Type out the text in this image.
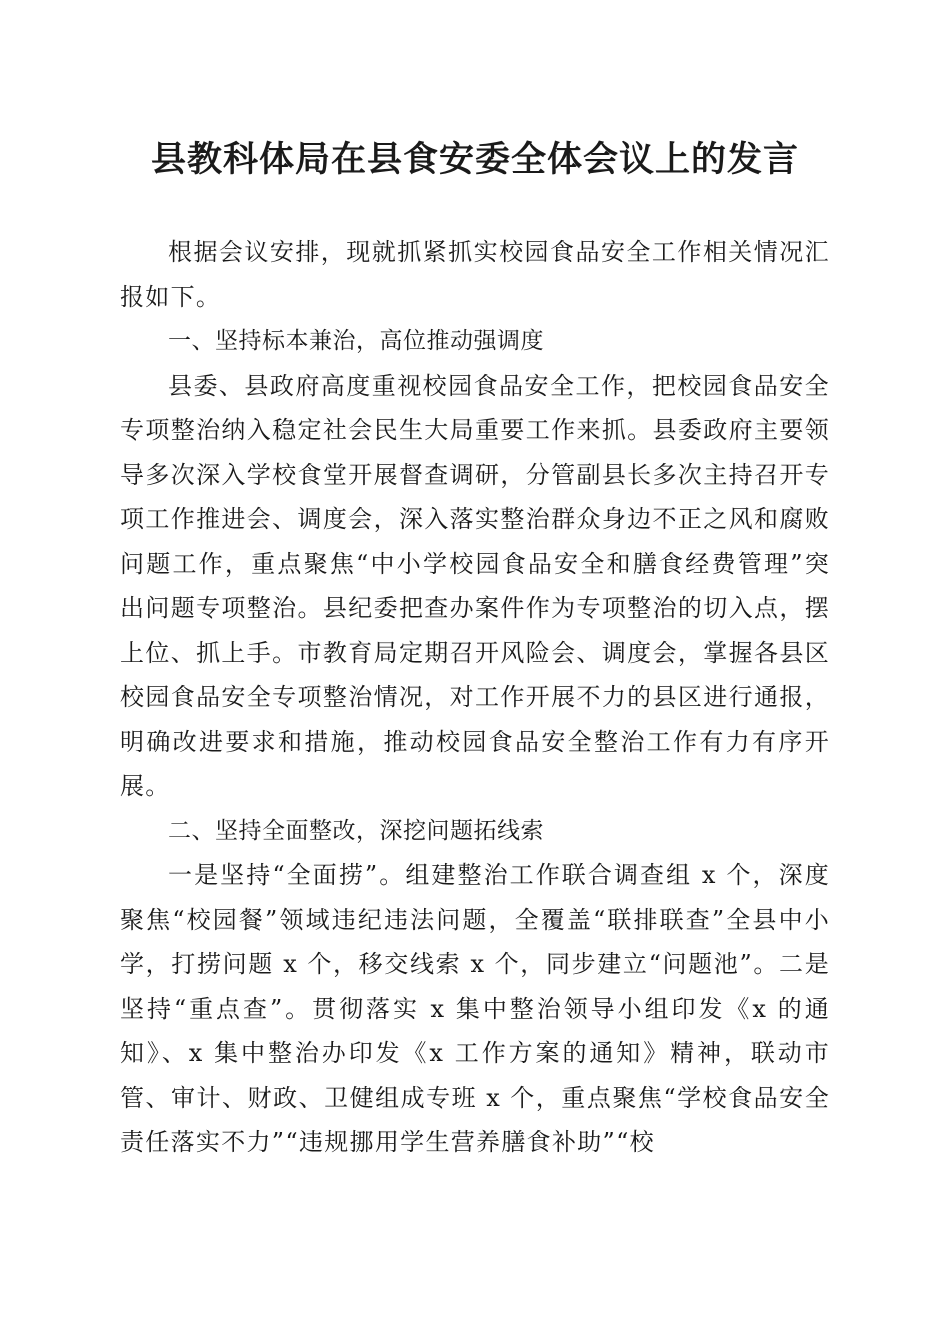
县教科体局在县食安委全体会议上的发言

根据会议安排，现就抓紧抓实校园食品安全工作相关情况汇报如下。

一、坚持标本兼治，高位推动强调度

县委、县政府高度重视校园食品安全工作，把校园食品安全专项整治纳入稳定社会民生大局重要工作来抓。县委政府主要领导多次深入学校食堂开展督查调研，分管副县长多次主持召开专项工作推进会、调度会，深入落实整治群众身边不正之风和腐败问题工作，重点聚焦“中小学校园食品安全和膳食经费管理”突出问题专项整治。县纪委把查办案件作为专项整治的切入点，摆上位、抓上手。市教育局定期召开风险会、调度会，掌握各县区校园食品安全专项整治情况，对工作开展不力的县区进行通报，明确改进要求和措施，推动校园食品安全整治工作有力有序开展。

二、坚持全面整改，深挖问题拓线索

一是坚持“全面捞”。组建整治工作联合调查组 x 个，深度聚焦“校园餐”领域违纪违法问题，全覆盖“联排联查”全县中小学，打捞问题 x 个，移交线索 x 个，同步建立“问题池”。二是坚持“重点查”。贯彻落实 x 集中整治领导小组印发《x 的通知》、x 集中整治办印发《x 工作方案的通知》精神，联动市管、审计、财政、卫健组成专班 x 个，重点聚焦“学校食品安全责任落实不力”“违规挪用学生营养膳食补助”“校
